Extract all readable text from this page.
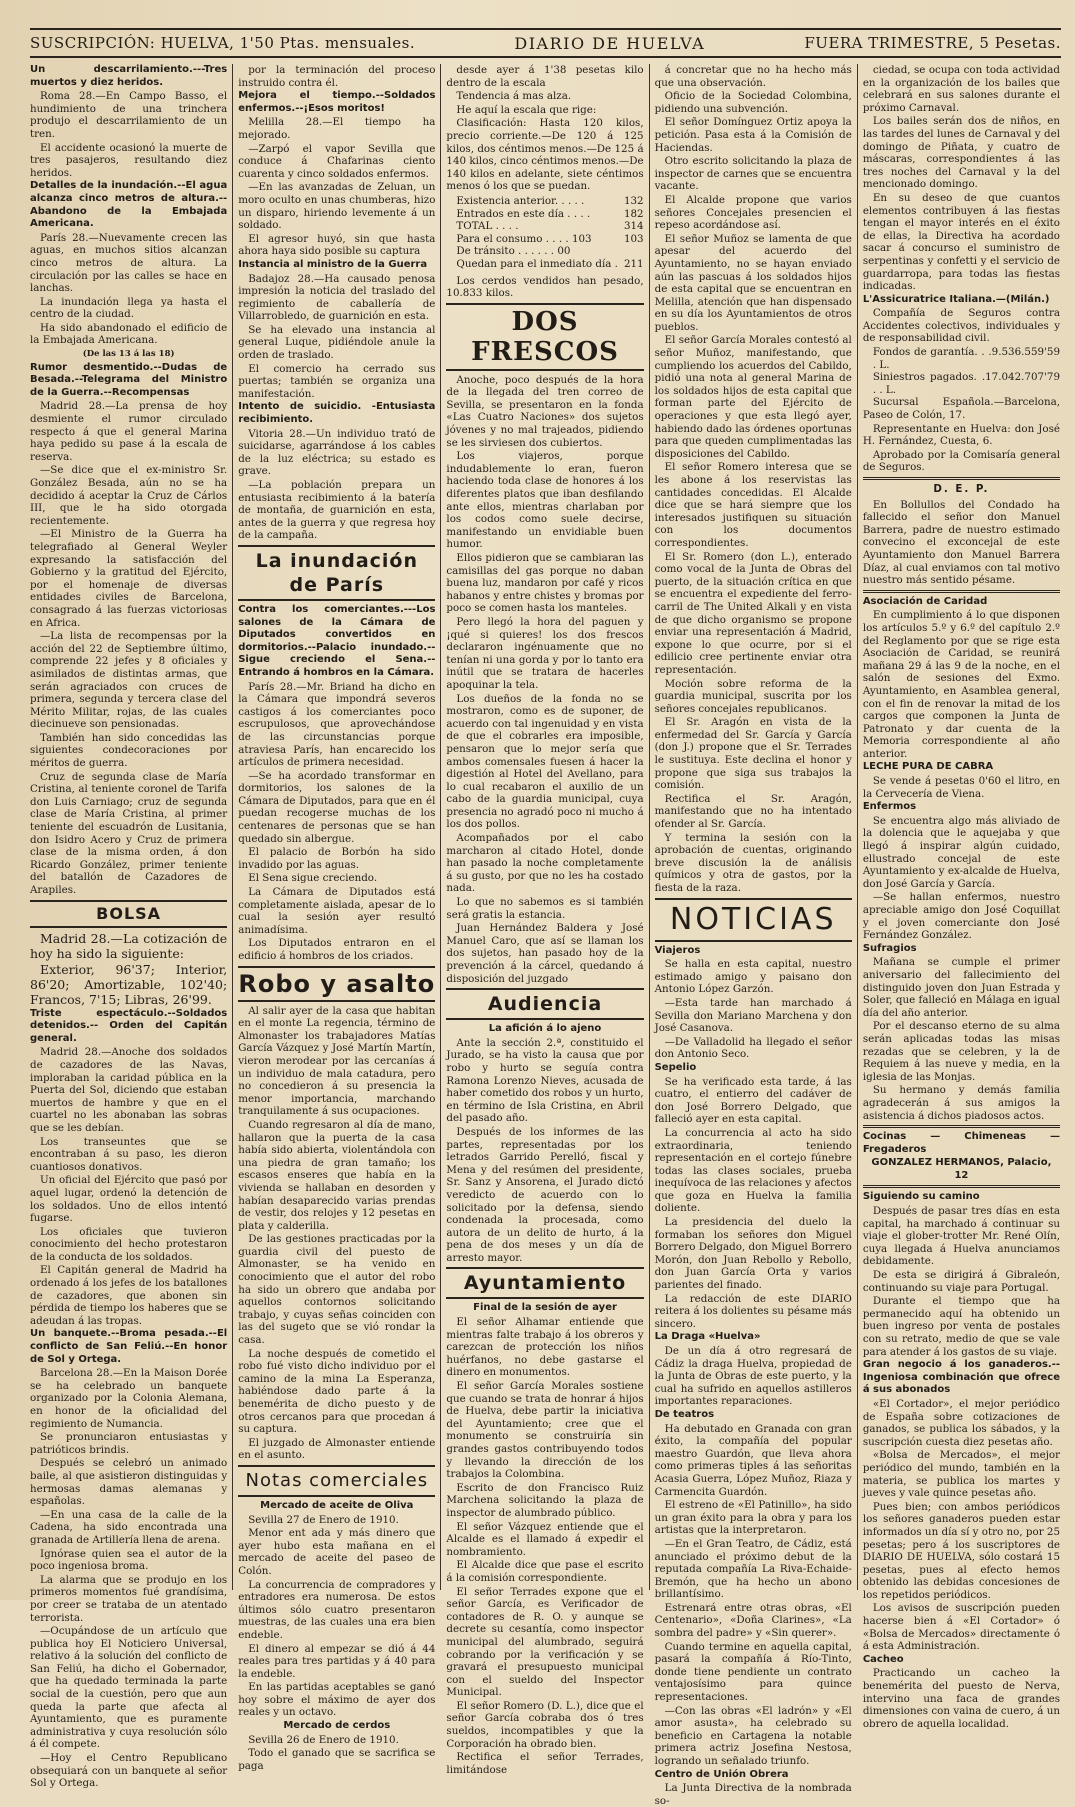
SUSCRIPCIÓN: HUELVA, 1'50 Ptas. mensuales.	DIARIO DE HUELVA	FUERA TRIMESTRE, 5 Pesetas.

Un descarrilamiento.---Tres muertos y diez heridos.

Roma 28.—En Campo Basso, el hundimiento de una trinchera produjo el descarrilamiento de un tren.

El accidente ocasionó la muerte de tres pasajeros, resultando diez heridos.

Detalles de la inundación.--El agua alcanza cinco metros de altura.--Abandono de la Embajada Americana.

París 28.—Nuevamente crecen las aguas, en muchos sitios alcanzan cinco metros de altura. La circulación por las calles se hace en lanchas.

La inundación llega ya hasta el centro de la ciudad.

Ha sido abandonado el edificio de la Embajada Americana.

(De las 13 á las 18)

Rumor desmentido.--Dudas de Besada.--Telegrama del Ministro de la Guerra.--Recompensas

Madrid 28.—La prensa de hoy desmiente el rumor circulado respecto á que el general Marina haya pedido su pase á la escala de reserva.

—Se dice que el ex-ministro Sr. González Besada, aún no se ha decidido á aceptar la Cruz de Cárlos III, que le ha sido otorgada recientemente.

—El Ministro de la Guerra ha telegrafiado al General Weyler expresando la satisfacción del Gobierno y la gratitud del Ejército, por el homenaje de diversas entidades civiles de Barcelona, consagrado á las fuerzas victoriosas en Africa.

—La lista de recompensas por la acción del 22 de Septiembre último, comprende 22 jefes y 8 oficiales y asimilados de distintas armas, que serán agraciados con cruces de primera, segunda y tercera clase del Mérito Militar, rojas, de las cuales diecinueve son pensionadas.

También han sido concedidas las siguientes condecoraciones por méritos de guerra.

Cruz de segunda clase de María Cristina, al teniente coronel de Tarifa don Luis Carniago; cruz de segunda clase de María Cristina, al primer teniente del escuadrón de Lusitania, don Isidro Acero y Cruz de primera clase de la misma orden, á don Ricardo González, primer teniente del batallón de Cazadores de Arapiles.

BOLSA

Madrid 28.—La cotización de hoy ha sido la siguiente:

Exterior, 96'37; Interior, 86'20; Amortizable, 102'40; Francos, 7'15; Libras, 26'99.

Triste espectáculo.--Soldados detenidos.-- Orden del Capitán general.

Madrid 28.—Anoche dos soldados de cazadores de las Navas, imploraban la caridad pública en la Puerta del Sol, diciendo que estaban muertos de hambre y que en el cuartel no les abonaban las sobras que se les debían.

Los transeuntes que se encontraban á su paso, les dieron cuantiosos donativos.

Un oficial del Ejército que pasó por aquel lugar, ordenó la detención de los soldados. Uno de ellos intentó fugarse.

Los oficiales que tuvieron conocimiento del hecho protestaron de la conducta de los soldados.

El Capitán general de Madrid ha ordenado á los jefes de los batallones de cazadores, que abonen sin pérdida de tiempo los haberes que se adeudan á las tropas.

Un banquete.--Broma pesada.--El conflicto de San Feliú.--En honor de Sol y Ortega.

Barcelona 28.—En la Maison Dorée se ha celebrado un banquete organizado por la Colonia Alemana, en honor de la oficialidad del regimiento de Numancia.

Se pronunciaron entusiastas y patrióticos brindis.

Después se celebró un animado baile, al que asistieron distinguidas y hermosas damas alemanas y españolas.

—En una casa de la calle de la Cadena, ha sido encontrada una granada de Artillería llena de arena.

Ignórase quien sea el autor de la poco ingeniosa broma.

La alarma que se produjo en los primeros momentos fué grandísima, por creer se trataba de un atentado terrorista.

—Ocupándose de un artículo que publica hoy El Noticiero Universal, relativo á la solución del conflicto de San Feliú, ha dicho el Gobernador, que ha quedado terminada la parte social de la cuestión, pero que aun queda la parte que afecta al Ayuntamiento, que es puramente administrativa y cuya resolución sólo á él compete.

—Hoy el Centro Republicano obsequiará con un banquete al señor Sol y Ortega.

por la terminación del proceso instruido contra él.

Mejora el tiempo.--Soldados enfermos.--¡Esos moritos!

Melilla 28.—El tiempo ha mejorado.

—Zarpó el vapor Sevilla que conduce á Chafarinas ciento cuarenta y cinco soldados enfermos.

—En las avanzadas de Zeluan, un moro oculto en unas chumberas, hizo un disparo, hiriendo levemente á un soldado.

El agresor huyó, sin que hasta ahora haya sido posible su captura

Instancia al ministro de la Guerra

Badajoz 28.—Ha causado penosa impresión la noticia del traslado del regimiento de caballería de Villarrobledo, de guarnición en esta.

Se ha elevado una instancia al general Luque, pidiéndole anule la orden de traslado.

El comercio ha cerrado sus puertas; también se organiza una manifestación.

Intento de suicidio. -Entusiasta recibimiento.

Vitoria 28.—Un individuo trató de suicidarse, agarrándose á los cables de la luz eléctrica; su estado es grave.

—La población prepara un entusiasta recibimiento á la batería de montaña, de guarnición en esta, antes de la guerra y que regresa hoy de la campaña.

La inundación de París

Contra los comerciantes.---Los salones de la Cámara de Diputados convertidos en dormitorios.--Palacio inundado.-- Sigue creciendo el Sena.--Entrando á hombros en la Cámara.

París 28.—Mr. Briand ha dicho en la Cámara que impondrá severos castigos á los comerciantes poco escrupulosos, que aprovechándose de las circunstancias porque atraviesa París, han encarecido los artículos de primera necesidad.

—Se ha acordado transformar en dormitorios, los salones de la Cámara de Diputados, para que en él puedan recogerse muchas de los centenares de personas que se han quedado sin albergue.

El palacio de Borbón ha sido invadido por las aguas.

El Sena sigue creciendo.

La Cámara de Diputados está completamente aislada, apesar de lo cual la sesión ayer resultó animadísima.

Los Diputados entraron en el edificio á hombros de los criados.

Robo y asalto

Al salir ayer de la casa que habitan en el monte La regencia, término de Almonaster los trabajadores Matías García Vázquez y José Martín Martín, vieron merodear por las cercanías á un individuo de mala catadura, pero no concedieron á su presencia la menor importancia, marchando tranquilamente á sus ocupaciones.

Cuando regresaron al día de mano, hallaron que la puerta de la casa había sido abierta, violentándola con una piedra de gran tamaño; los escasos enseres que había en la vivienda se hallaban en desorden y habían desaparecido varias prendas de vestir, dos relojes y 12 pesetas en plata y calderilla.

De las gestiones practicadas por la guardia civil del puesto de Almonaster, se ha venido en conocimiento que el autor del robo ha sido un obrero que andaba por aquellos contornos solicitando trabajo, y cuyas señas coinciden con las del sugeto que se vió rondar la casa.

La noche después de cometido el robo fué visto dicho individuo por el camino de la mina La Esperanza, habiéndose dado parte á la benemérita de dicho puesto y de otros cercanos para que procedan á su captura.

El juzgado de Almonaster entiende en el asunto.

Notas comerciales

Mercado de aceite de Oliva

Sevilla 27 de Enero de 1910.

Menor ent ada y más dinero que ayer hubo esta mañana en el mercado de aceite del paseo de Colón.

La concurrencia de compradores y entradores era numerosa. De estos últimos sólo cuatro presentaron muestras, de las cuales una era bien endeble.

El dinero al empezar se dió á 44 reales para tres partidas y á 40 para la endeble.

En las partidas aceptables se ganó hoy sobre el máximo de ayer dos reales y un octavo.

Mercado de cerdos

Sevilla 26 de Enero de 1910.

Todo el ganado que se sacrifica se paga

desde ayer á 1'38 pesetas kilo dentro de la escala

Tendencia á mas alza.

He aquí la escala que rige:

Clasificación: Hasta 120 kilos, precio corriente.—De 120 á 125 kilos, dos céntimos menos.—De 125 á 140 kilos, cinco céntimos menos.—De 140 kilos en adelante, siete céntimos menos ó los que se puedan.

Existencia anterior. . . . .	132
Entrados en este día . . . .	182
TOTAL . . . .	314
Para el consumo . . . . 103	103
De tránsito . . . . . . 00
Quedan para el inmediato día . 211

Los cerdos vendidos han pesado, 10.833 kilos.

DOS FRESCOS

Anoche, poco después de la hora de la llegada del tren correo de Sevilla, se presentaron en la fonda «Las Cuatro Naciones» dos sujetos jóvenes y no mal trajeados, pidiendo se les sirviesen dos cubiertos.

Los viajeros, porque indudablemente lo eran, fueron haciendo toda clase de honores á los diferentes platos que iban desfilando ante ellos, mientras charlaban por los codos como suele decirse, manifestando un envidiable buen humor.

Ellos pidieron que se cambiaran las camisillas del gas porque no daban buena luz, mandaron por café y ricos habanos y entre chistes y bromas por poco se comen hasta los manteles.

Pero llegó la hora del paguen y ¡qué si quieres! los dos frescos declararon ingénuamente que no tenían ni una gorda y por lo tanto era inútil que se tratara de hacerles apoquinar la tela.

Los dueños de la fonda no se mostraron, como es de suponer, de acuerdo con tal ingenuidad y en vista de que el cobrarles era imposible, pensaron que lo mejor sería que ambos comensales fuesen á hacer la digestión al Hotel del Avellano, para lo cual recabaron el auxilio de un cabo de la guardia municipal, cuya presencia no agradó poco ni mucho á los dos pollos.

Acompañados por el cabo marcharon al citado Hotel, donde han pasado la noche completamente á su gusto, por que no les ha costado nada.

Lo que no sabemos es si también será gratis la estancia.

Juan Hernández Baldera y José Manuel Caro, que así se llaman los dos sujetos, han pasado hoy de la prevención á la cárcel, quedando á disposición del juzgado

Audiencia

La afición á lo ajeno

Ante la sección 2.ª, constituido el Jurado, se ha visto la causa que por robo y hurto se seguía contra Ramona Lorenzo Nieves, acusada de haber cometido dos robos y un hurto, en término de Isla Cristina, en Abril del pasado año.

Después de los informes de las partes, representadas por los letrados Garrido Perelló, fiscal y Mena y del resúmen del presidente, Sr. Sanz y Ansorena, el Jurado dictó veredicto de acuerdo con lo solicitado por la defensa, siendo condenada la procesada, como autora de un delito de hurto, á la pena de dos meses y un día de arresto mayor.

Ayuntamiento

Final de la sesión de ayer

El señor Alhamar entiende que mientras falte trabajo á los obreros y carezcan de protección los niños huérfanos, no debe gastarse el dinero en monumentos.

El señor García Morales sostiene que cuando se trata de honrar á hijos de Huelva, debe partir la iniciativa del Ayuntamiento; cree que el monumento se construiría sin grandes gastos contribuyendo todos y llevando la dirección de los trabajos la Colombina.

Escrito de don Francisco Ruiz Marchena solicitando la plaza de inspector de alumbrado público.

El señor Vázquez entiende que el Alcalde es el llamado á expedir el nombramiento.

El Alcalde dice que pase el escrito á la comisión correspondiente.

El señor Terrades expone que el señor García, es Verificador de contadores de R. O. y aunque se decrete su cesantía, como inspector municipal del alumbrado, seguirá cobrando por la verificación y se gravará el presupuesto municipal con el sueldo del Inspector Municipal.

El señor Romero (D. L.), dice que el señor García cobraba dos ó tres sueldos, incompatibles y que la Corporación ha obrado bien.

Rectifica el señor Terrades, limitándose

á concretar que no ha hecho más que una observación.

Oficio de la Sociedad Colombina, pidiendo una subvención.

El señor Domínguez Ortiz apoya la petición. Pasa esta á la Comisión de Haciendas.

Otro escrito solicitando la plaza de inspector de carnes que se encuentra vacante.

El Alcalde propone que varios señores Concejales presencien el repeso acordándose así.

El señor Muñoz se lamenta de que apesar del acuerdo del Ayuntamiento, no se hayan enviado aún las pascuas á los soldados hijos de esta capital que se encuentran en Melilla, atención que han dispensado en su día los Ayuntamientos de otros pueblos.

El señor García Morales contestó al señor Muñoz, manifestando, que cumpliendo los acuerdos del Cabildo, pidió una nota al general Marina de los soldados hijos de esta capital que forman parte del Ejército de operaciones y que esta llegó ayer, habiendo dado las órdenes oportunas para que queden cumplimentadas las disposiciones del Cabildo.

El señor Romero interesa que se les abone á los reservistas las cantidades concedidas. El Alcalde dice que se hará siempre que los interesados justifiquen su situación con los documentos correspondientes.

El Sr. Romero (don L.), enterado como vocal de la Junta de Obras del puerto, de la situación crítica en que se encuentra el expediente del ferro-carril de The United Alkali y en vista de que dicho organismo se propone enviar una representación á Madrid, expone lo que ocurre, por si el edilicio cree pertinente enviar otra representación.

Moción sobre reforma de la guardia municipal, suscrita por los señores concejales republicanos.

El Sr. Aragón en vista de la enfermedad del Sr. García y García (don J.) propone que el Sr. Terrades le sustituya. Este declina el honor y propone que siga sus trabajos la comisión.

Rectifica el Sr. Aragón, manifestando que no ha intentado ofender al Sr. García.

Y termina la sesión con la aprobación de cuentas, originando breve discusión la de análisis químicos y otra de gastos, por la fiesta de la raza.

NOTICIAS

Viajeros

Se halla en esta capital, nuestro estimado amigo y paisano don Antonio López Garzón.

—Esta tarde han marchado á Sevilla don Mariano Marchena y don José Casanova.

—De Valladolid ha llegado el señor don Antonio Seco.

Sepelio

Se ha verificado esta tarde, á las cuatro, el entierro del cadáver de don José Borrero Delgado, que falleció ayer en esta capital.

La concurrencia al acto ha sido extraordinaria, teniendo representación en el cortejo fúnebre todas las clases sociales, prueba inequívoca de las relaciones y afectos que goza en Huelva la familia doliente.

La presidencia del duelo la formaban los señores don Miguel Borrero Delgado, don Miguel Borrero Morón, don Juan Rebollo y Rebollo, don Juan García Orta y varios parientes del finado.

La redacción de este DIARIO reitera á los dolientes su pésame más sincero.

La Draga «Huelva»

De un día á otro regresará de Cádiz la draga Huelva, propiedad de la Junta de Obras de este puerto, y la cual ha sufrido en aquellos astilleros importantes reparaciones.

De teatros

Ha debutado en Granada con gran éxito, la compañía del popular maestro Guardón, que lleva ahora como primeras tiples á las señoritas Acasia Guerra, López Muñoz, Riaza y Carmencita Guardón.

El estreno de «El Patinillo», ha sido un gran éxito para la obra y para los artistas que la interpretaron.

—En el Gran Teatro, de Cádiz, está anunciado el próximo debut de la reputada compañía La Riva-Echaide-Bremón, que ha hecho un abono brillantísimo.

Estrenará entre otras obras, «El Centenario», «Doña Clarines», «La sombra del padre» y «Sin querer».

Cuando termine en aquella capital, pasará la compañía á Río-Tinto, donde tiene pendiente un contrato ventajosísimo para quince representaciones.

—Con las obras «El ladrón» y «El amor asusta», ha celebrado su beneficio en Cartagena la notable primera actriz Josefina Nestosa, logrando un señalado triunfo.

Centro de Unión Obrera

La Junta Directiva de la nombrada so-

ciedad, se ocupa con toda actividad en la organización de los bailes que celebrará en sus salones durante el próximo Carnaval.

Los bailes serán dos de niños, en las tardes del lunes de Carnaval y del domingo de Piñata, y cuatro de máscaras, correspondientes á las tres noches del Carnaval y la del mencionado domingo.

En su deseo de que cuantos elementos contribuyen á las fiestas tengan el mayor interés en el éxito de ellas, la Directiva ha acordado sacar á concurso el suministro de serpentinas y confetti y el servicio de guardarropa, para todas las fiestas indicadas.

L'Assicuratrice Italiana.—(Milán.)

Compañía de Seguros contra Accidentes colectivos, individuales y de responsabilidad civil.

Fondos de garantía. . . . L.
9.536.559'59
Siniestros pagados. . . . L.
17.042.707'79

Sucursal Española.—Barcelona, Paseo de Colón, 17.

Representante en Huelva: don José H. Fernández, Cuesta, 6.

Aprobado por la Comisaría general de Seguros.

D. E. P.

En Bollullos del Condado ha fallecido el señor don Manuel Barrera, padre de nuestro estimado convecino el exconcejal de este Ayuntamiento don Manuel Barrera Díaz, al cual enviamos con tal motivo nuestro más sentido pésame.

Asociación de Caridad

En cumplimiento á lo que disponen los artículos 5.º y 6.º del capítulo 2.º del Reglamento por que se rige esta Asociación de Caridad, se reunirá mañana 29 á las 9 de la noche, en el salón de sesiones del Exmo. Ayuntamiento, en Asamblea general, con el fin de renovar la mitad de los cargos que componen la Junta de Patronato y dar cuenta de la Memoria correspondiente al año anterior.

LECHE PURA DE CABRA

Se vende á pesetas 0'60 el litro, en la Cervecería de Viena.

Enfermos

Se encuentra algo más aliviado de la dolencia que le aquejaba y que llegó á inspirar algún cuidado, ellustrado concejal de este Ayuntamiento y ex-alcalde de Huelva, don José García y García.

—Se hallan enfermos, nuestro apreciable amigo don José Coquillat y el joven comerciante don José Fernández González.

Sufragios

Mañana se cumple el primer aniversario del fallecimiento del distinguido joven don Juan Estrada y Soler, que falleció en Málaga en igual día del año anterior.

Por el descanso eterno de su alma serán aplicadas todas las misas rezadas que se celebren, y la de Requiem á las nueve y media, en la iglesia de las Monjas.

Su hermano y demás familia agradecerán á sus amigos la asistencia á dichos piadosos actos.

Cocinas — Chimeneas — Fregaderos

GONZALEZ HERMANOS, Palacio, 12

Siguiendo su camino

Después de pasar tres días en esta capital, ha marchado á continuar su viaje el glober-trotter Mr. René Olín, cuya llegada á Huelva anunciamos debidamente.

De esta se dirigirá á Gibraleón, continuando su viaje para Portugal.

Durante el tiempo que ha permanecido aquí ha obtenido un buen ingreso por venta de postales con su retrato, medio de que se vale para atender á los gastos de su viaje.

Gran negocio á los ganaderos.--Ingeniosa combinación que ofrece á sus abonados

«El Cortador», el mejor periódico de España sobre cotizaciones de ganados, se publica los sábados, y la suscripción cuesta diez pesetas año.

«Bolsa de Mercados», el mejor periódico del mundo, también en la materia, se publica los martes y jueves y vale quince pesetas año.

Pues bien; con ambos periódicos los señores ganaderos pueden estar informados un día sí y otro no, por 25 pesetas; pero á los suscriptores de DIARIO DE HUELVA, sólo costará 15 pesetas, pues al efecto hemos obtenido las debidas concesiones de los repetidos periódicos.

Los avisos de suscripción pueden hacerse bien á «El Cortador» ó «Bolsa de Mercados» directamente ó á esta Administración.

Cacheo

Practicando un cacheo la benemérita del puesto de Nerva, intervino una faca de grandes dimensiones con vaina de cuero, á un obrero de aquella localidad.
